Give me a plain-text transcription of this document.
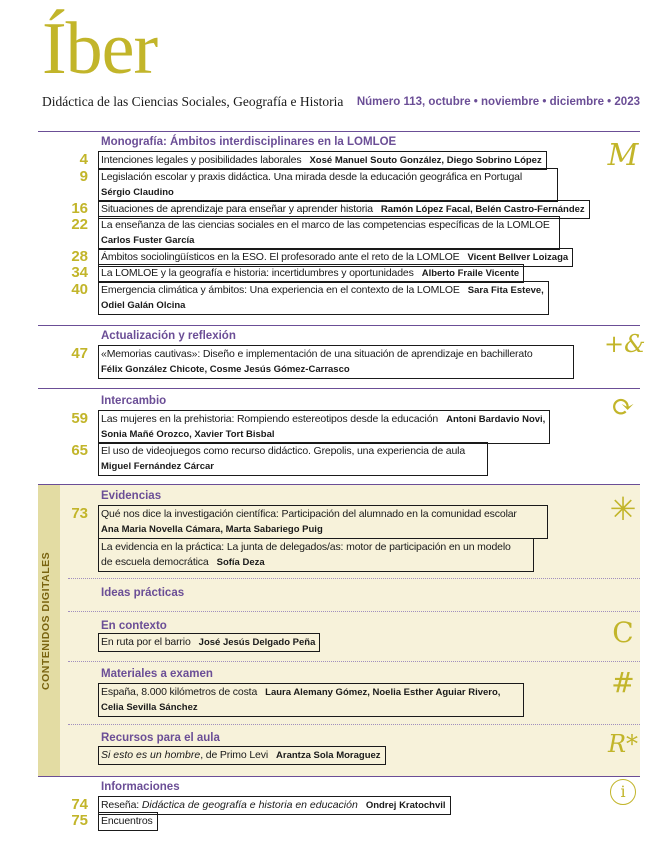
Íber
Didáctica de las Ciencias Sociales, Geografía e Historia Número 113, octubre • noviembre • diciembre • 2023
CONTENIDOS DIGITALES
Monografía: Ámbitos interdisciplinares en la LOMLOE	M
4 Intenciones legales y posibilidades laborales Xosé Manuel Souto González, Diego Sobrino López
9 Legislación escolar y praxis didáctica. Una mirada desde la educación geográfica en Portugal
Sérgio Claudino
16 Situaciones de aprendizaje para enseñar y aprender historia Ramón López Facal, Belén Castro-Fernández
22 La enseñanza de las ciencias sociales en el marco de las competencias específicas de la LOMLOE
Carlos Fuster García
28 Ámbitos sociolingüísticos en la ESO. El profesorado ante el reto de la LOMLOE Vicent Bellver Loizaga
34 La LOMLOE y la geografía e historia: incertidumbres y oportunidades Alberto Fraile Vicente
40 Emergencia climática y ámbitos: Una experiencia en el contexto de la LOMLOE Sara Fita Esteve,
Odiel Galán Olcina
Actualización y reflexión	+&
47 «Memorias cautivas»: Diseño e implementación de una situación de aprendizaje en bachillerato
Félix González Chicote, Cosme Jesús Gómez-Carrasco
Intercambio	⟳
59 Las mujeres en la prehistoria: Rompiendo estereotipos desde la educación Antoni Bardavio Novi,
Sonia Mañé Orozco, Xavier Tort Bisbal
65 El uso de videojuegos como recurso didáctico. Grepolis, una experiencia de aula
Miguel Fernández Cárcar
Evidencias	✳
73 Qué nos dice la investigación científica: Participación del alumnado en la comunidad escolar
Ana Maria Novella Cámara, Marta Sabariego Puig
La evidencia en la práctica: La junta de delegados/as: motor de participación en un modelo
de escuela democrática Sofía Deza
Ideas prácticas
En contexto	C
En ruta por el barrio José Jesús Delgado Peña
Materiales a examen	#
España, 8.000 kilómetros de costa Laura Alemany Gómez, Noelia Esther Aguiar Rivero,
Celia Sevilla Sánchez
Recursos para el aula	R*
Si esto es un hombre, de Primo Levi Arantza Sola Moraguez
Informaciones	i
74 Reseña: Didáctica de geografía e historia en educación Ondrej Kratochvil
75 Encuentros
